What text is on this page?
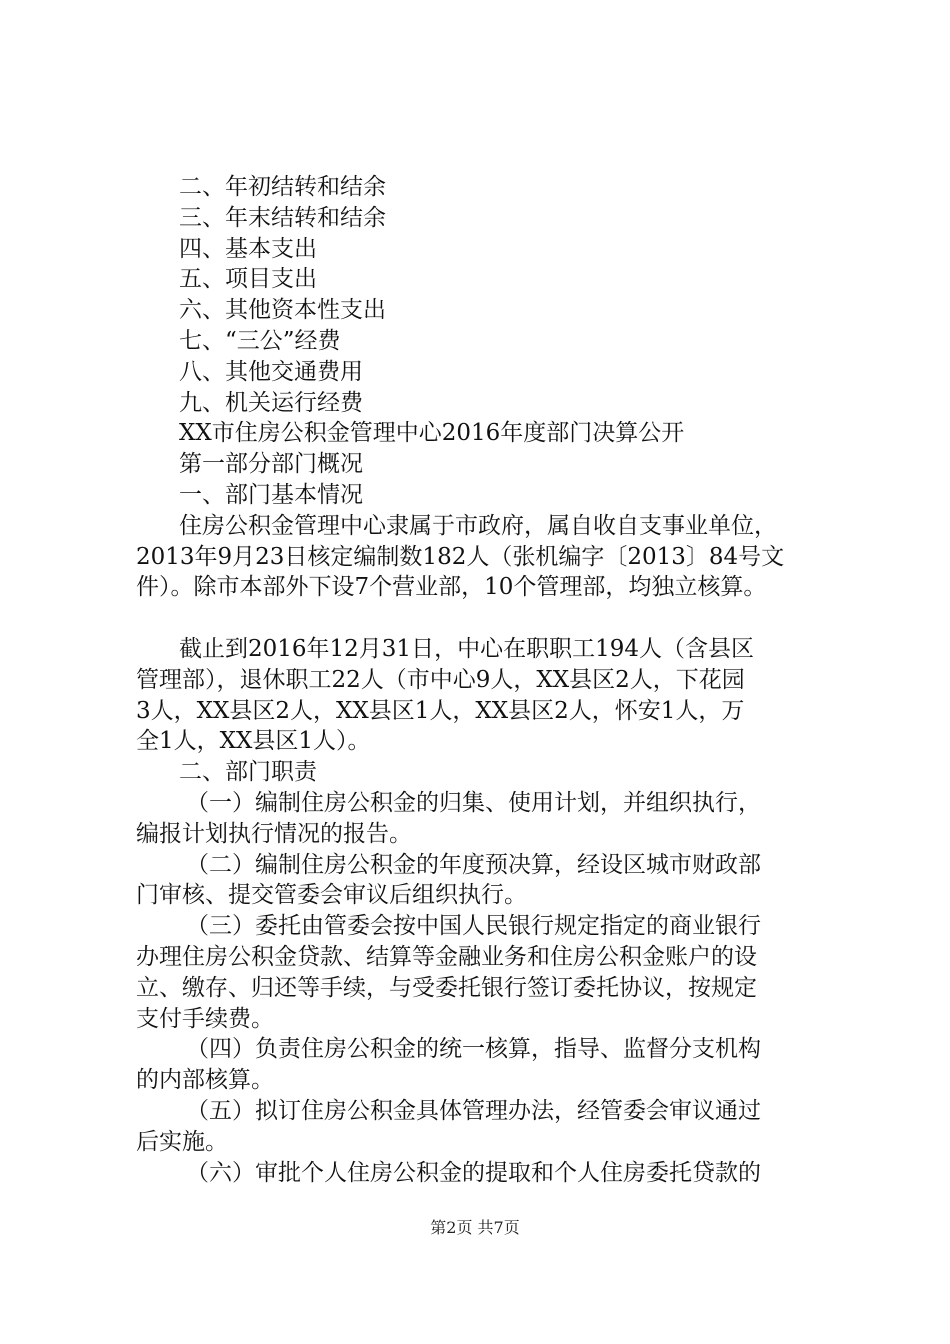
二、年初结转和结余
三、年末结转和结余
四、基本支出
五、项目支出
六、其他资本性支出
七、“三公”经费
八、其他交通费用
九、机关运行经费
XX市住房公积金管理中心2016年度部门决算公开
第一部分部门概况
一、部门基本情况
住房公积金管理中心隶属于市政府，属自收自支事业单位，
2013年9月23日核定编制数182人（张机编字〔2013〕84号文
件）。除市本部外下设7个营业部，10个管理部，均独立核算。
截止到2016年12月31日，中心在职职工194人（含县区
管理部），退休职工22人（市中心9人，XX县区2人，下花园
3人，XX县区2人，XX县区1人，XX县区2人，怀安1人，万
全1人，XX县区1人）。
二、部门职责
（一）编制住房公积金的归集、使用计划，并组织执行，
编报计划执行情况的报告。
（二）编制住房公积金的年度预决算，经设区城市财政部
门审核、提交管委会审议后组织执行。
（三）委托由管委会按中国人民银行规定指定的商业银行
办理住房公积金贷款、结算等金融业务和住房公积金账户的设
立、缴存、归还等手续，与受委托银行签订委托协议，按规定
支付手续费。
（四）负责住房公积金的统一核算，指导、监督分支机构
的内部核算。
（五）拟订住房公积金具体管理办法，经管委会审议通过
后实施。
（六）审批个人住房公积金的提取和个人住房委托贷款的
第2页 共7页
